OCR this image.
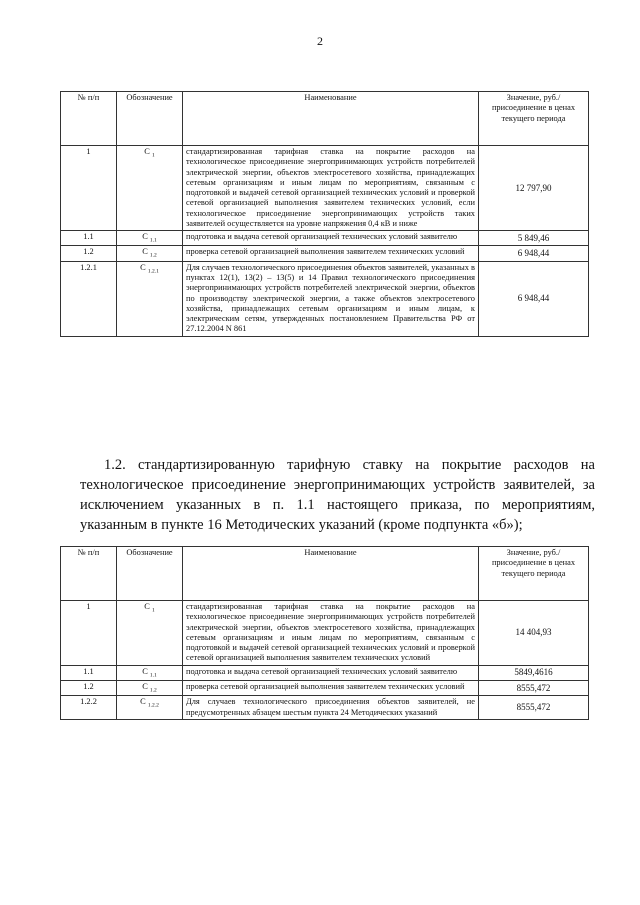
2
№ п/п	Обозначение	Наименование	Значение, руб./присоединение в ценах текущего периода
1	C $_1$	стандартизированная тарифная ставка на покрытие расходов на технологическое присоединение энергопринимающих устройств потребителей электрической энергии, объектов электросетевого хозяйства, принадлежащих сетевым организациям и иным лицам по мероприятиям, связанным с подготовкой и выдачей сетевой организацией технических условий и проверкой сетевой организацией выполнения заявителем технических условий, если технологическое присоединение энергопринимающих устройств таких заявителей осуществляется на уровне напряжения 0,4 кВ и ниже	12 797,90
1.1	C $_{1.1}$	подготовка и выдача сетевой организацией технических условий заявителю	5 849,46
1.2	C $_{1.2}$	проверка сетевой организацией выполнения заявителем технических условий	6 948,44
1.2.1	C $_{1.2.1}$	Для случаев технологического присоединения объектов заявителей, указанных в пунктах 12(1), 13(2) – 13(5) и 14 Правил технологического присоединения энергопринимающих устройств потребителей электрической энергии, объектов по производству электрической энергии, а также объектов электросетевого хозяйства, принадлежащих сетевым организациям и иным лицам, к электрическим сетям, утвержденных постановлением Правительства РФ от 27.12.2004 N 861	6 948,44
1.2. стандартизированную тарифную ставку на покрытие расходов на технологическое присоединение энергопринимающих устройств заявителей, за исключением указанных в п. 1.1 настоящего приказа, по мероприятиям, указанным в пункте 16 Методических указаний (кроме подпункта «б»);
№ п/п	Обозначение	Наименование	Значение, руб./присоединение в ценах текущего периода
1	C $_1$	стандартизированная тарифная ставка на покрытие расходов на технологическое присоединение энергопринимающих устройств потребителей электрической энергии, объектов электросетевого хозяйства, принадлежащих сетевым организациям и иным лицам по мероприятиям, связанным с подготовкой и выдачей сетевой организацией технических условий и проверкой сетевой организацией выполнения заявителем технических условий	14 404,93
1.1	C $_{1.1}$	подготовка и выдача сетевой организацией технических условий заявителю	5849,4616
1.2	C $_{1.2}$	проверка сетевой организацией выполнения заявителем технических условий	8555,472
1.2.2	C $_{1.2.2}$	Для случаев технологического присоединения объектов заявителей, не предусмотренных абзацем шестым пункта 24 Методических указаний	8555,472
